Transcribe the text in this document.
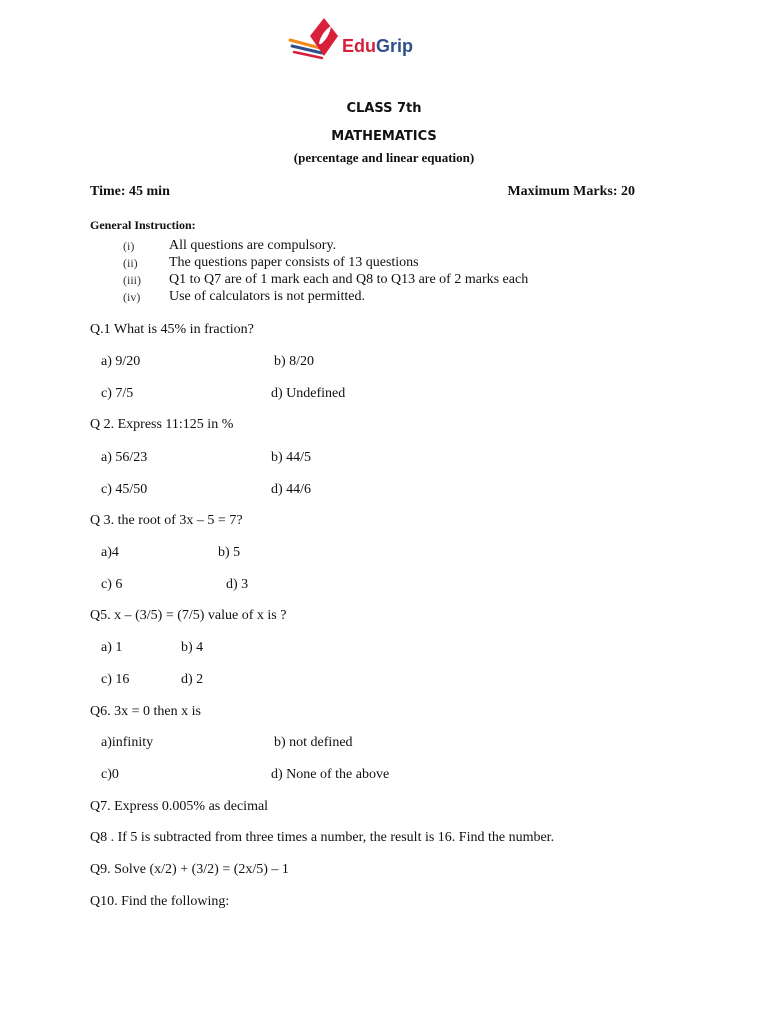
EduGrip
CLASS 7th
MATHEMATICS
(percentage and linear equation)
Time: 45 min	Maximum Marks: 20
General Instruction:
(i) All questions are compulsory.
(ii) The questions paper consists of 13 questions
(iii) Q1 to Q7 are of 1 mark each and Q8 to Q13 are of 2 marks each
(iv) Use of calculators is not permitted.
Q.1 What is 45% in fraction?
a) 9/20	b) 8/20
c) 7/5	d) Undefined
Q 2. Express 11:125 in %
a) 56/23	b) 44/5
c) 45/50	d) 44/6
Q 3. the root of 3x – 5 = 7?
a)4	b) 5
c) 6	d) 3
Q5. x – (3/5) = (7/5) value of x is ?
a) 1	b) 4
c) 16	d) 2
Q6. 3x = 0 then x is
a)infinity	b) not defined
c)0	d) None of the above
Q7. Express 0.005% as decimal
Q8 . If 5 is subtracted from three times a number, the result is 16. Find the number.
Q9. Solve (x/2) + (3/2) = (2x/5) – 1
Q10. Find the following:
